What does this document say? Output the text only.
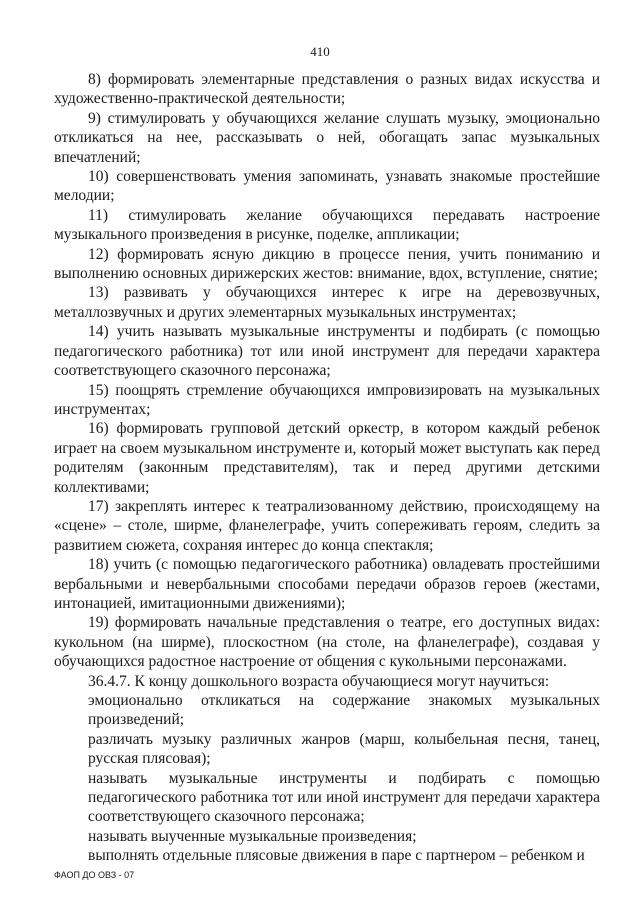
410

8) формировать элементарные представления о разных видах искусства и художественно-практической деятельности;

9) стимулировать у обучающихся желание слушать музыку, эмоционально откликаться на нее, рассказывать о ней, обогащать запас музыкальных впечатлений;

10) совершенствовать умения запоминать, узнавать знакомые простейшие мелодии;

11) стимулировать желание обучающихся передавать настроение музыкального произведения в рисунке, поделке, аппликации;

12) формировать ясную дикцию в процессе пения, учить пониманию и выполнению основных дирижерских жестов: внимание, вдох, вступление, снятие;

13) развивать у обучающихся интерес к игре на деревозвучных, металлозвучных и других элементарных музыкальных инструментах;

14) учить называть музыкальные инструменты и подбирать (с помощью педагогического работника) тот или иной инструмент для передачи характера соответствующего сказочного персонажа;

15) поощрять стремление обучающихся импровизировать на музыкальных инструментах;

16) формировать групповой детский оркестр, в котором каждый ребенок играет на своем музыкальном инструменте и, который может выступать как перед родителям (законным представителям), так и перед другими детскими коллективами;

17) закреплять интерес к театрализованному действию, происходящему на «сцене» – столе, ширме, фланелеграфе, учить сопереживать героям, следить за развитием сюжета, сохраняя интерес до конца спектакля;

18) учить (с помощью педагогического работника) овладевать простейшими вербальными и невербальными способами передачи образов героев (жестами, интонацией, имитационными движениями);

19) формировать начальные представления о театре, его доступных видах: кукольном (на ширме), плоскостном (на столе, на фланелеграфе), создавая у обучающихся радостное настроение от общения с кукольными персонажами.

36.4.7. К концу дошкольного возраста обучающиеся могут научиться:

эмоционально откликаться на содержание знакомых музыкальных произведений;

различать музыку различных жанров (марш, колыбельная песня, танец, русская плясовая);

называть музыкальные инструменты и подбирать с помощью педагогического работника тот или иной инструмент для передачи характера соответствующего сказочного персонажа;

называть выученные музыкальные произведения;

выполнять отдельные плясовые движения в паре с партнером – ребенком и

ФАОП ДО ОВЗ - 07
